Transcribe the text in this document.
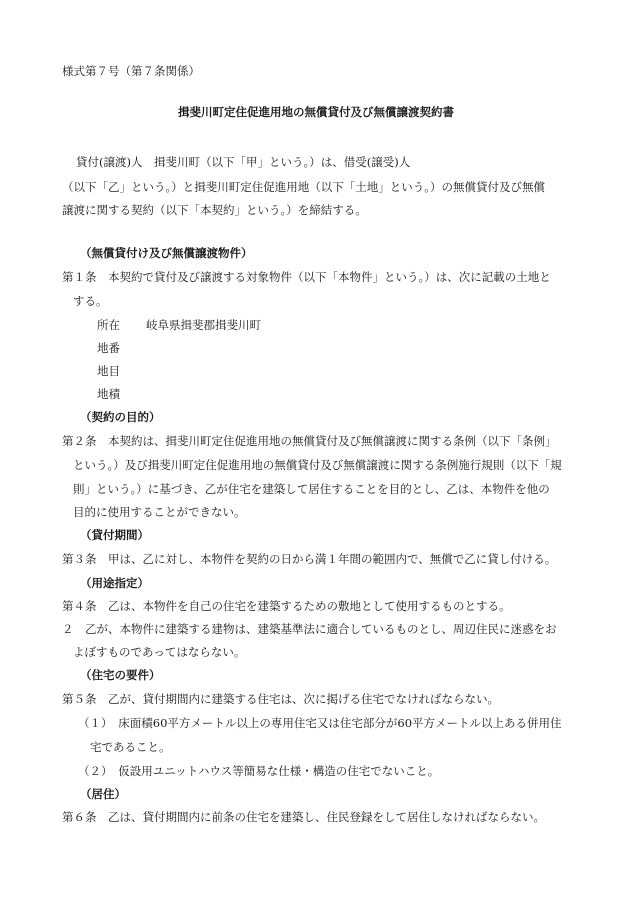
様式第７号（第７条関係）
揖斐川町定住促進用地の無償貸付及び無償譲渡契約書
貸付(譲渡)人　揖斐川町（以下「甲」という。）は、借受(譲受)人
（以下「乙」という。）と揖斐川町定住促進用地（以下「土地」という。）の無償貸付及び無償
譲渡に関する契約（以下「本契約」という。）を締結する。
（無償貸付け及び無償譲渡物件）
第１条　本契約で貸付及び譲渡する対象物件（以下「本物件」という。）は、次に記載の土地と
する。
所在 岐阜県揖斐郡揖斐川町
地番
地目
地積
（契約の目的）
第２条　本契約は、揖斐川町定住促進用地の無償貸付及び無償譲渡に関する条例（以下「条例」
という。）及び揖斐川町定住促進用地の無償貸付及び無償譲渡に関する条例施行規則（以下「規
則」という。）に基づき、乙が住宅を建築して居住することを目的とし、乙は、本物件を他の
目的に使用することができない。
（貸付期間）
第３条　甲は、乙に対し、本物件を契約の日から満１年間の範囲内で、無償で乙に貸し付ける。
（用途指定）
第４条　乙は、本物件を自己の住宅を建築するための敷地として使用するものとする。
２　乙が、本物件に建築する建物は、建築基準法に適合しているものとし、周辺住民に迷惑をお
よぼすものであってはならない。
（住宅の要件）
第５条　乙が、貸付期間内に建築する住宅は、次に掲げる住宅でなければならない。
（１）　床面積60平方メートル以上の専用住宅又は住宅部分が60平方メートル以上ある併用住
宅であること。
（２）　仮設用ユニットハウス等簡易な仕様・構造の住宅でないこと。
（居住）
第６条　乙は、貸付期間内に前条の住宅を建築し、住民登録をして居住しなければならない。
